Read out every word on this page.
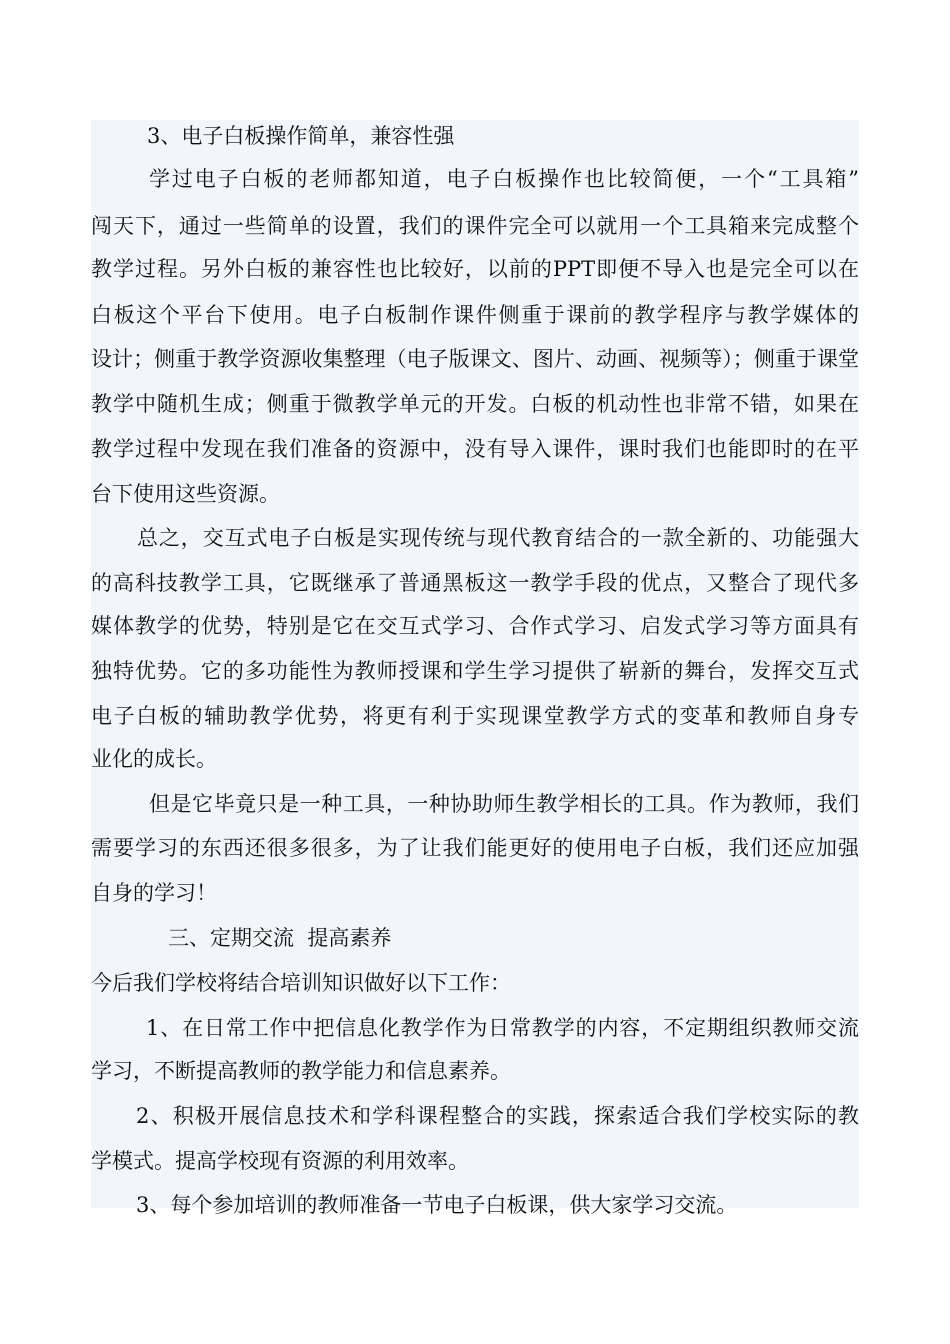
3、电子白板操作简单，兼容性强
学过电子白板的老师都知道，电子白板操作也比较简便，一个“工具箱”
闯天下，通过一些简单的设置，我们的课件完全可以就用一个工具箱来完成整个
教学过程。另外白板的兼容性也比较好，以前的PPT即便不导入也是完全可以在
白板这个平台下使用。电子白板制作课件侧重于课前的教学程序与教学媒体的
设计；侧重于教学资源收集整理（电子版课文、图片、动画、视频等）；侧重于课堂
教学中随机生成；侧重于微教学单元的开发。白板的机动性也非常不错，如果在
教学过程中发现在我们准备的资源中，没有导入课件，课时我们也能即时的在平
台下使用这些资源。
总之，交互式电子白板是实现传统与现代教育结合的一款全新的、功能强大
的高科技教学工具，它既继承了普通黑板这一教学手段的优点，又整合了现代多
媒体教学的优势，特别是它在交互式学习、合作式学习、启发式学习等方面具有
独特优势。它的多功能性为教师授课和学生学习提供了崭新的舞台，发挥交互式
电子白板的辅助教学优势，将更有利于实现课堂教学方式的变革和教师自身专
业化的成长。
但是它毕竟只是一种工具，一种协助师生教学相长的工具。作为教师，我们
需要学习的东西还很多很多，为了让我们能更好的使用电子白板，我们还应加强
自身的学习！
三、定期交流  提高素养
今后我们学校将结合培训知识做好以下工作：
1、在日常工作中把信息化教学作为日常教学的内容，不定期组织教师交流
学习，不断提高教师的教学能力和信息素养。
2、积极开展信息技术和学科课程整合的实践，探索适合我们学校实际的教
学模式。提高学校现有资源的利用效率。
3、每个参加培训的教师准备一节电子白板课，供大家学习交流。
